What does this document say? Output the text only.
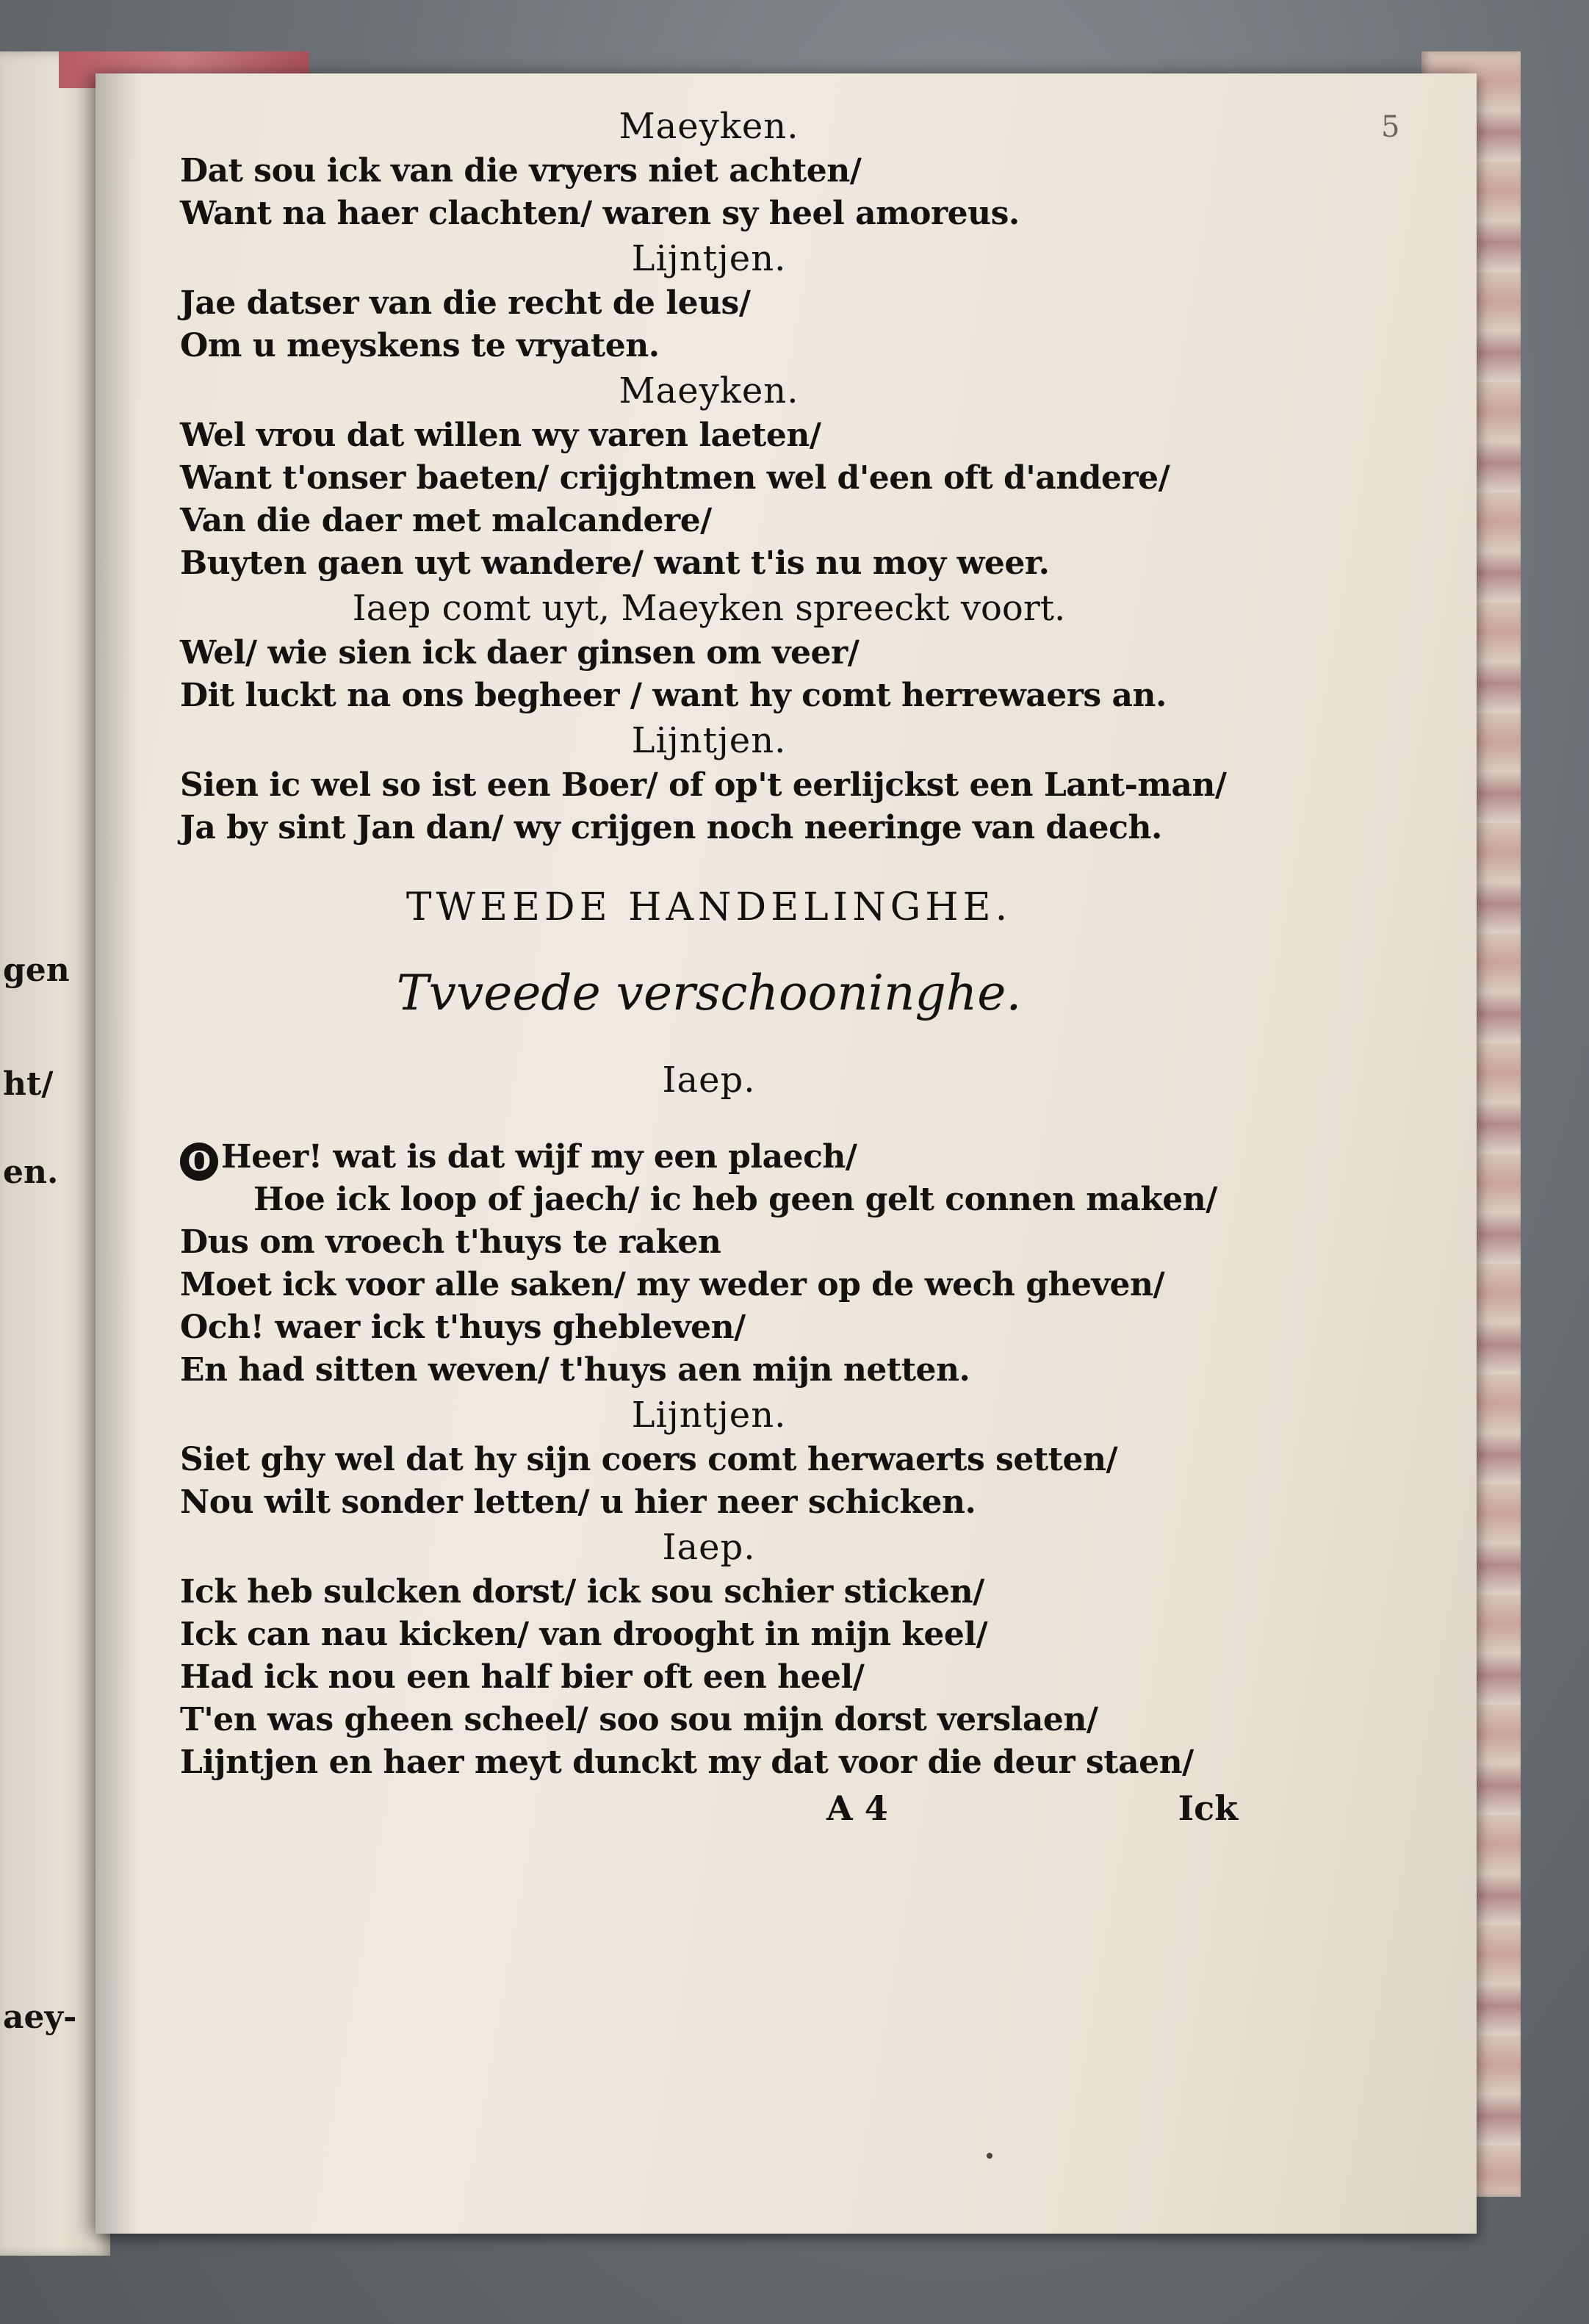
gen
ht/
en.
aey-
5
Maeyken.
Dat sou ick van die vryers niet achten/
Want na haer clachten/ waren sy heel amoreus.
Lijntjen.
Jae datser van die recht de leus/
Om u meyskens te vryaten.
Maeyken.
Wel vrou dat willen wy varen laeten/
Want t'onser baeten/ crijghtmen wel d'een oft d'andere/
Van die daer met malcandere/
Buyten gaen uyt wandere/ want t'is nu moy weer.
Iaep comt uyt, Maeyken spreeckt voort.
Wel/ wie sien ick daer ginsen om veer/
Dit luckt na ons begheer / want hy comt herrewaers an.
Lijntjen.
Sien ic wel so ist een Boer/ of op't eerlijckst een Lant-man/
Ja by sint Jan dan/ wy crijgen noch neeringe van daech.
TWEEDE HANDELINGHE.
Tvveede verschooninghe.
Iaep.
O Heer! wat is dat wijf my een plaech/
Hoe ick loop of jaech/ ic heb geen gelt connen maken/
Dus om vroech t'huys te raken
Moet ick voor alle saken/ my weder op de wech gheven/
Och! waer ick t'huys ghebleven/
En had sitten weven/ t'huys aen mijn netten.
Lijntjen.
Siet ghy wel dat hy sijn coers comt herwaerts setten/
Nou wilt sonder letten/ u hier neer schicken.
Iaep.
Ick heb sulcken dorst/ ick sou schier sticken/
Ick can nau kicken/ van drooght in mijn keel/
Had ick nou een half bier oft een heel/
T'en was gheen scheel/ soo sou mijn dorst verslaen/
Lijntjen en haer meyt dunckt my dat voor die deur staen/
A 4	Ick
